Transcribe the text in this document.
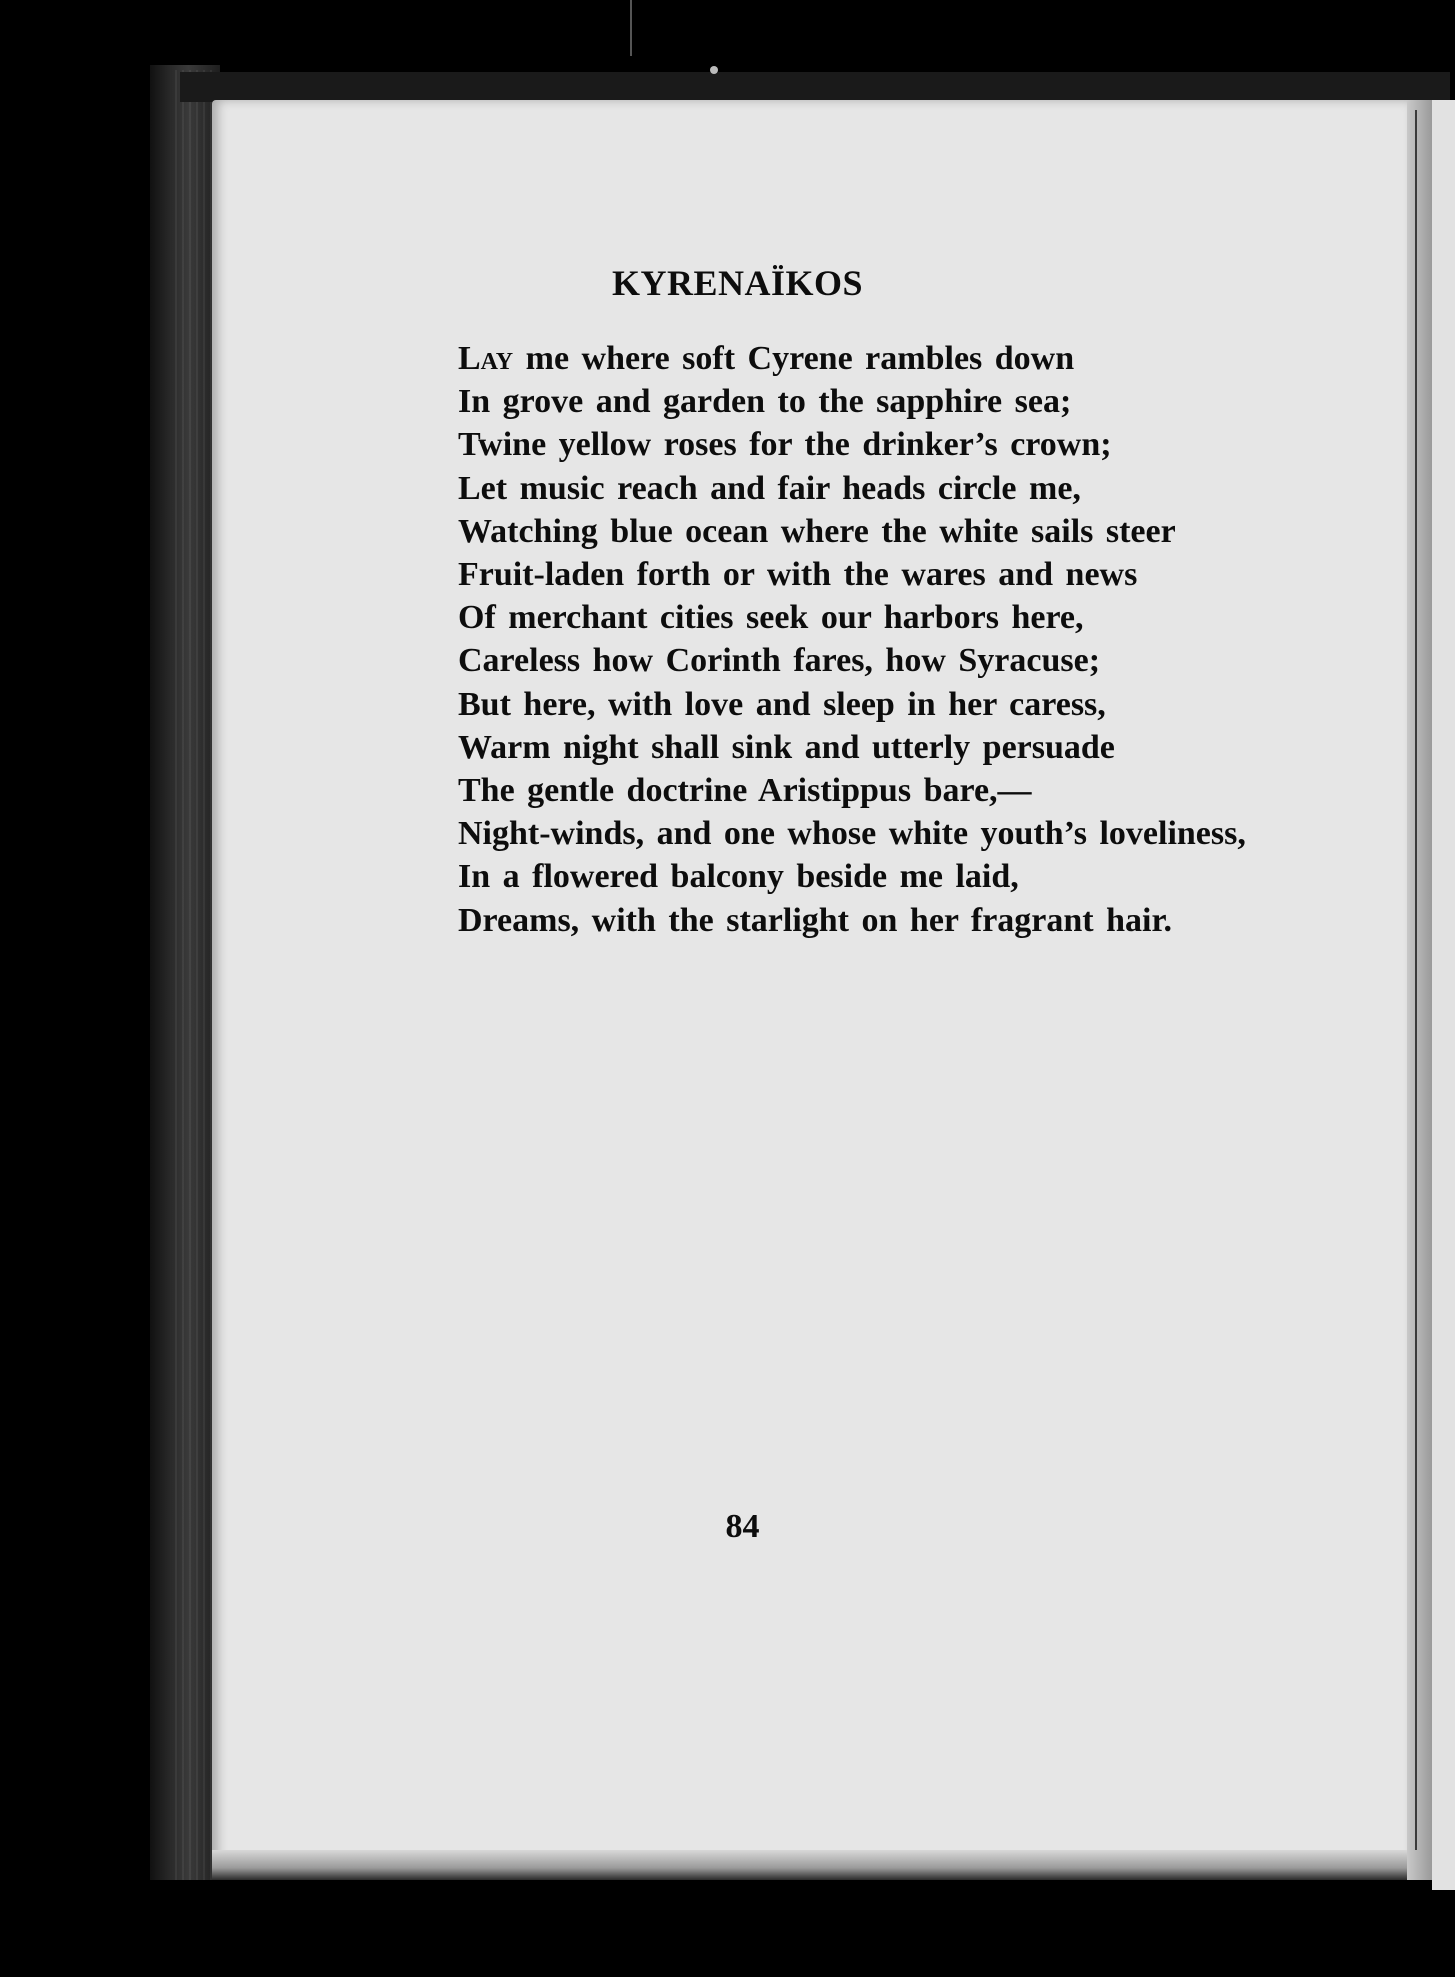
KYRENAÏKOS
Lay me where soft Cyrene rambles down
In grove and garden to the sapphire sea;
Twine yellow roses for the drinker’s crown;
Let music reach and fair heads circle me,
Watching blue ocean where the white sails steer
Fruit-laden forth or with the wares and news
Of merchant cities seek our harbors here,
Careless how Corinth fares, how Syracuse;
But here, with love and sleep in her caress,
Warm night shall sink and utterly persuade
The gentle doctrine Aristippus bare,—
Night-winds, and one whose white youth’s loveliness,
In a flowered balcony beside me laid,
Dreams, with the starlight on her fragrant hair.

84
